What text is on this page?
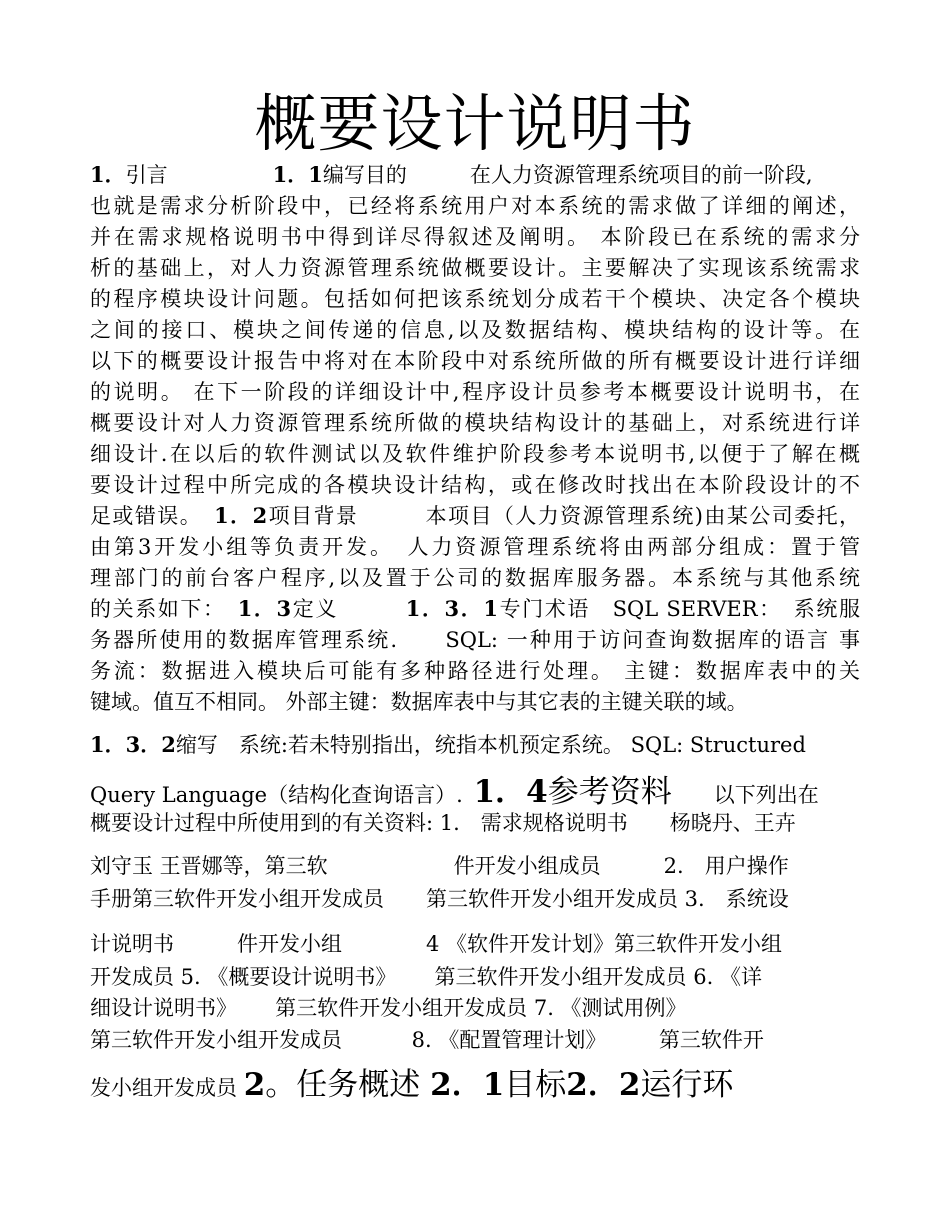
概要设计说明书
1．引言　　　　　	1．1编写目的　　　	在人力资源管理系统项目的前一阶段,
也就是需求分析阶段中，已经将系统用户对本系统的需求做了详细的阐述，
并在需求规格说明书中得到详尽得叙述及阐明。 本阶段已在系统的需求分
析的基础上，对人力资源管理系统做概要设计。主要解决了实现该系统需求
的程序模块设计问题。包括如何把该系统划分成若干个模块、决定各个模块
之间的接口、模块之间传递的信息,以及数据结构、模块结构的设计等。在
以下的概要设计报告中将对在本阶段中对系统所做的所有概要设计进行详细
的说明。 在下一阶段的详细设计中,程序设计员参考本概要设计说明书，在
概要设计对人力资源管理系统所做的模块结构设计的基础上，对系统进行详
细设计.在以后的软件测试以及软件维护阶段参考本说明书,以便于了解在概
要设计过程中所完成的各模块设计结构，或在修改时找出在本阶段设计的不
足或错误。　1．2项目背景　　　本项目（人力资源管理系统)由某公司委托，
由第3开发小组等负责开发。　人力资源管理系统将由两部分组成：置于管
理部门的前台客户程序,以及置于公司的数据库服务器。本系统与其他系统
的关系如下：　1．3定义　　　1．3．1专门术语　SQL SERVER：　系统服
务器所使用的数据库管理系统.　　SQL: 一种用于访问查询数据库的语言 事
务流：数据进入模块后可能有多种路径进行处理。 主键：数据库表中的关
键域。值互不相同。 外部主键：数据库表中与其它表的主键关联的域。
1．3．2缩写　系统:若未特别指出，统指本机预定系统。 SQL: Structured
Query Language（结构化查询语言）. 1．4参考资料　　以下列出在
概要设计过程中所使用到的有关资料: 1.　需求规格说明书　　杨晓丹、王卉
刘守玉 王晋娜等，第三软　　　　　　件开发小组成员　　　2.　用户操作
手册第三软件开发小组开发成员　　第三软件开发小组开发成员 3.　系统设
计说明书　　　件开发小组　　　　4 《软件开发计划》第三软件开发小组
开发成员 5. 《概要设计说明书》　　 第三软件开发小组开发成员 6. 《详
细设计说明书》　　 第三软件开发小组开发成员 7. 《测试用例》
第三软件开发小组开发成员　　　 8. 《配置管理计划》　　　第三软件开
发小组开发成员 2。任务概述 2．1目标2．2运行环
